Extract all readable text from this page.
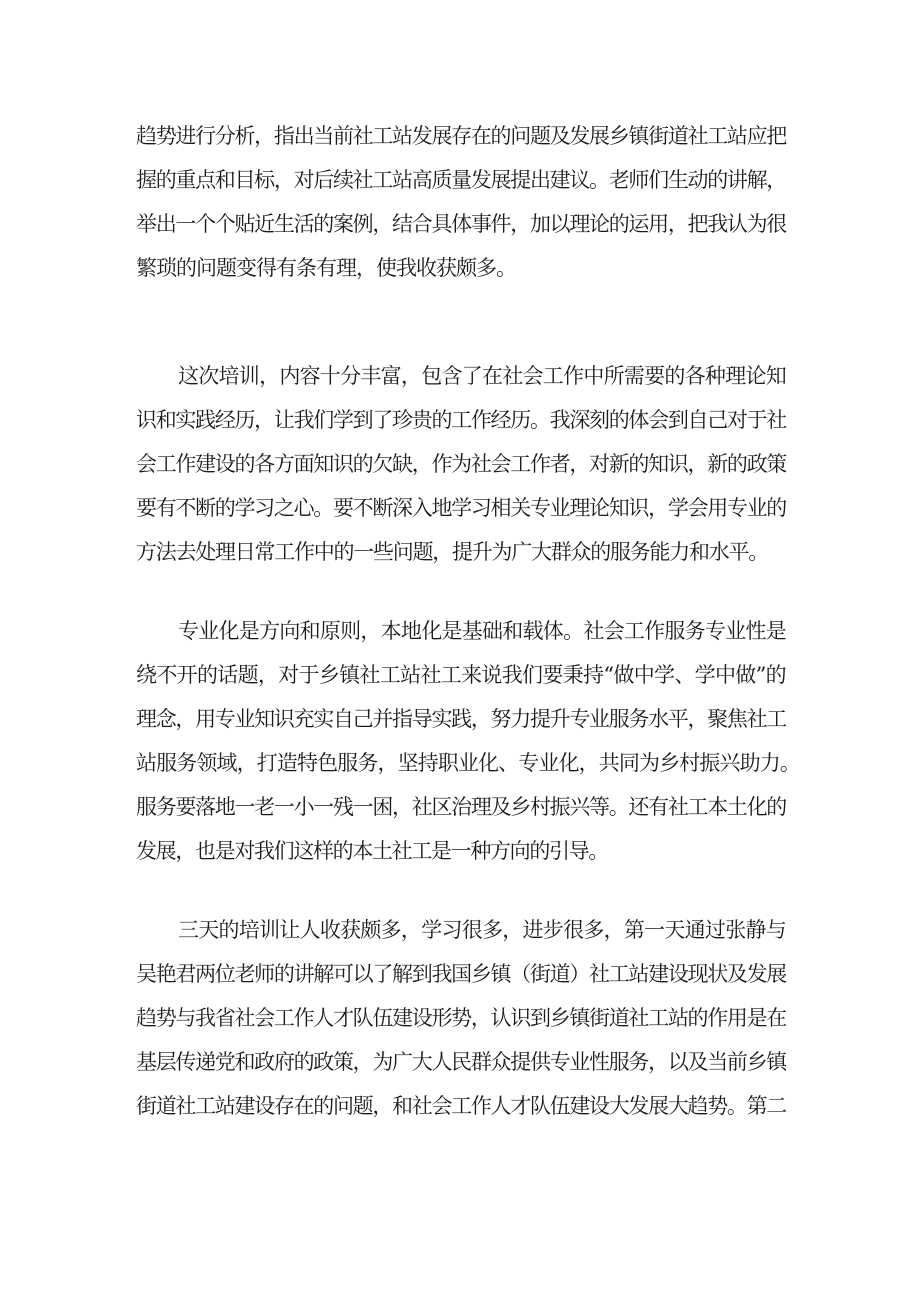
趋势进行分析，指出当前社工站发展存在的问题及发展乡镇街道社工站应把
握的重点和目标，对后续社工站高质量发展提出建议。老师们生动的讲解，
举出一个个贴近生活的案例，结合具体事件，加以理论的运用，把我认为很
繁琐的问题变得有条有理，使我收获颇多。
这次培训，内容十分丰富，包含了在社会工作中所需要的各种理论知
识和实践经历，让我们学到了珍贵的工作经历。我深刻的体会到自己对于社
会工作建设的各方面知识的欠缺，作为社会工作者，对新的知识，新的政策
要有不断的学习之心。要不断深入地学习相关专业理论知识，学会用专业的
方法去处理日常工作中的一些问题，提升为广大群众的服务能力和水平。
专业化是方向和原则，本地化是基础和载体。社会工作服务专业性是
绕不开的话题，对于乡镇社工站社工来说我们要秉持“做中学、学中做”的
理念，用专业知识充实自己并指导实践，努力提升专业服务水平，聚焦社工
站服务领域，打造特色服务，坚持职业化、专业化，共同为乡村振兴助力。
服务要落地一老一小一残一困，社区治理及乡村振兴等。还有社工本土化的
发展，也是对我们这样的本土社工是一种方向的引导。
三天的培训让人收获颇多，学习很多，进步很多，第一天通过张静与
吴艳君两位老师的讲解可以了解到我国乡镇（街道）社工站建设现状及发展
趋势与我省社会工作人才队伍建设形势，认识到乡镇街道社工站的作用是在
基层传递党和政府的政策，为广大人民群众提供专业性服务，以及当前乡镇
街道社工站建设存在的问题，和社会工作人才队伍建设大发展大趋势。第二
